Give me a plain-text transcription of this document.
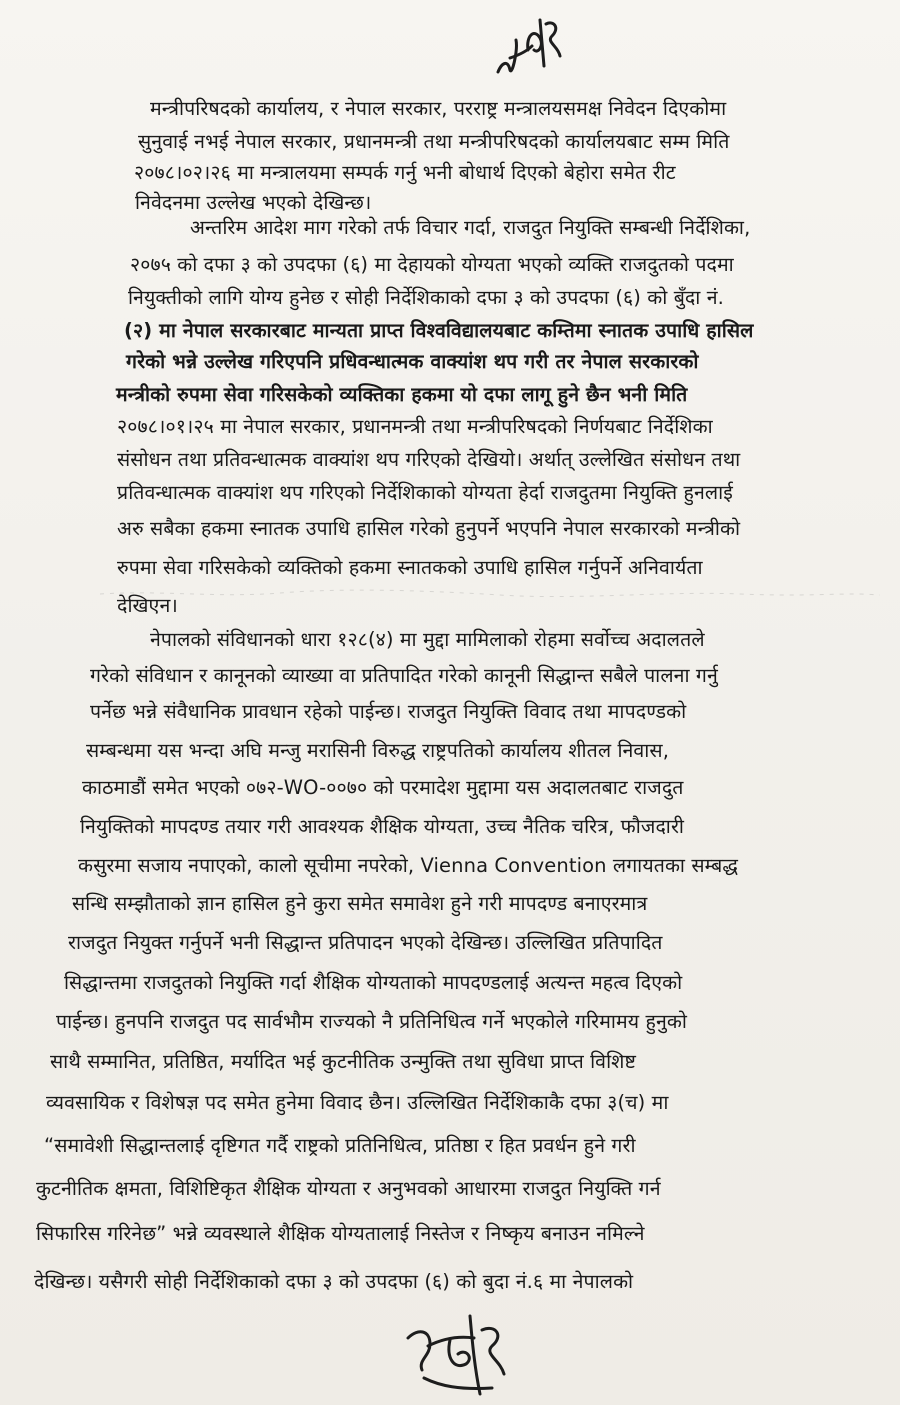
मन्त्रीपरिषदको कार्यालय, र नेपाल सरकार, परराष्ट्र मन्त्रालयसमक्ष निवेदन दिएकोमा
सुनुवाई नभई नेपाल सरकार, प्रधानमन्त्री तथा मन्त्रीपरिषदको कार्यालयबाट सम्म मिति
२०७८।०२।२६ मा मन्त्रालयमा सम्पर्क गर्नु भनी बोधार्थ दिएको बेहोरा समेत रीट
निवेदनमा उल्लेख भएको देखिन्छ।
अन्तरिम आदेश माग गरेको तर्फ विचार गर्दा, राजदुत नियुक्ति सम्बन्धी निर्देशिका,
२०७५ को दफा ३ को उपदफा (६) मा देहायको योग्यता भएको व्यक्ति राजदुतको पदमा
नियुक्तीको लागि योग्य हुनेछ र सोही निर्देशिकाको दफा ३ को उपदफा (६) को बुँदा नं.
(२) मा नेपाल सरकारबाट मान्यता प्राप्त विश्वविद्यालयबाट कम्तिमा स्नातक उपाधि हासिल
गरेको भन्ने उल्लेख गरिएपनि प्रधिवन्धात्मक वाक्यांश थप गरी तर नेपाल सरकारको
मन्त्रीको रुपमा सेवा गरिसकेको व्यक्तिका हकमा यो दफा लागू हुने छैन भनी मिति
२०७८।०१।२५ मा नेपाल सरकार, प्रधानमन्त्री तथा मन्त्रीपरिषदको निर्णयबाट निर्देशिका
संसोधन तथा प्रतिवन्धात्मक वाक्यांश थप गरिएको देखियो। अर्थात् उल्लेखित संसोधन तथा
प्रतिवन्धात्मक वाक्यांश थप गरिएको निर्देशिकाको योग्यता हेर्दा राजदुतमा नियुक्ति हुनलाई
अरु सबैका हकमा स्नातक उपाधि हासिल गरेको हुनुपर्ने भएपनि नेपाल सरकारको मन्त्रीको
रुपमा सेवा गरिसकेको व्यक्तिको हकमा स्नातकको उपाधि हासिल गर्नुपर्ने अनिवार्यता
देखिएन।
नेपालको संविधानको धारा १२८(४) मा मुद्दा मामिलाको रोहमा सर्वोच्च अदालतले
गरेको संविधान र कानूनको व्याख्या वा प्रतिपादित गरेको कानूनी सिद्धान्त सबैले पालना गर्नु
पर्नेछ भन्ने संवैधानिक प्रावधान रहेको पाईन्छ। राजदुत नियुक्ति विवाद तथा मापदण्डको
सम्बन्धमा यस भन्दा अघि मन्जु मरासिनी विरुद्ध राष्ट्रपतिको कार्यालय शीतल निवास,
काठमाडौं समेत भएको ०७२-WO-००७० को परमादेश मुद्दामा यस अदालतबाट राजदुत
नियुक्तिको मापदण्ड तयार गरी आवश्यक शैक्षिक योग्यता, उच्च नैतिक चरित्र, फौजदारी
कसुरमा सजाय नपाएको, कालो सूचीमा नपरेको, Vienna Convention लगायतका सम्बद्ध
सन्धि सम्झौताको ज्ञान हासिल हुने कुरा समेत समावेश हुने गरी मापदण्ड बनाएरमात्र
राजदुत नियुक्त गर्नुपर्ने भनी सिद्धान्त प्रतिपादन भएको देखिन्छ। उल्लिखित प्रतिपादित
सिद्धान्तमा राजदुतको नियुक्ति गर्दा शैक्षिक योग्यताको मापदण्डलाई अत्यन्त महत्व दिएको
पाईन्छ। हुनपनि राजदुत पद सार्वभौम राज्यको नै प्रतिनिधित्व गर्ने भएकोले गरिमामय हुनुको
साथै सम्मानित, प्रतिष्ठित, मर्यादित भई कुटनीतिक उन्मुक्ति तथा सुविधा प्राप्त विशिष्ट
व्यवसायिक र विशेषज्ञ पद समेत हुनेमा विवाद छैन। उल्लिखित निर्देशिकाकै दफा ३(च) मा
“समावेशी सिद्धान्तलाई दृष्टिगत गर्दै राष्ट्रको प्रतिनिधित्व, प्रतिष्ठा र हित प्रवर्धन हुने गरी
कुटनीतिक क्षमता, विशिष्टिकृत शैक्षिक योग्यता र अनुभवको आधारमा राजदुत नियुक्ति गर्न
सिफारिस गरिनेछ” भन्ने व्यवस्थाले शैक्षिक योग्यतालाई निस्तेज र निष्कृय बनाउन नमिल्ने
देखिन्छ। यसैगरी सोही निर्देशिकाको दफा ३ को उपदफा (६) को बुदा नं.६ मा नेपालको
